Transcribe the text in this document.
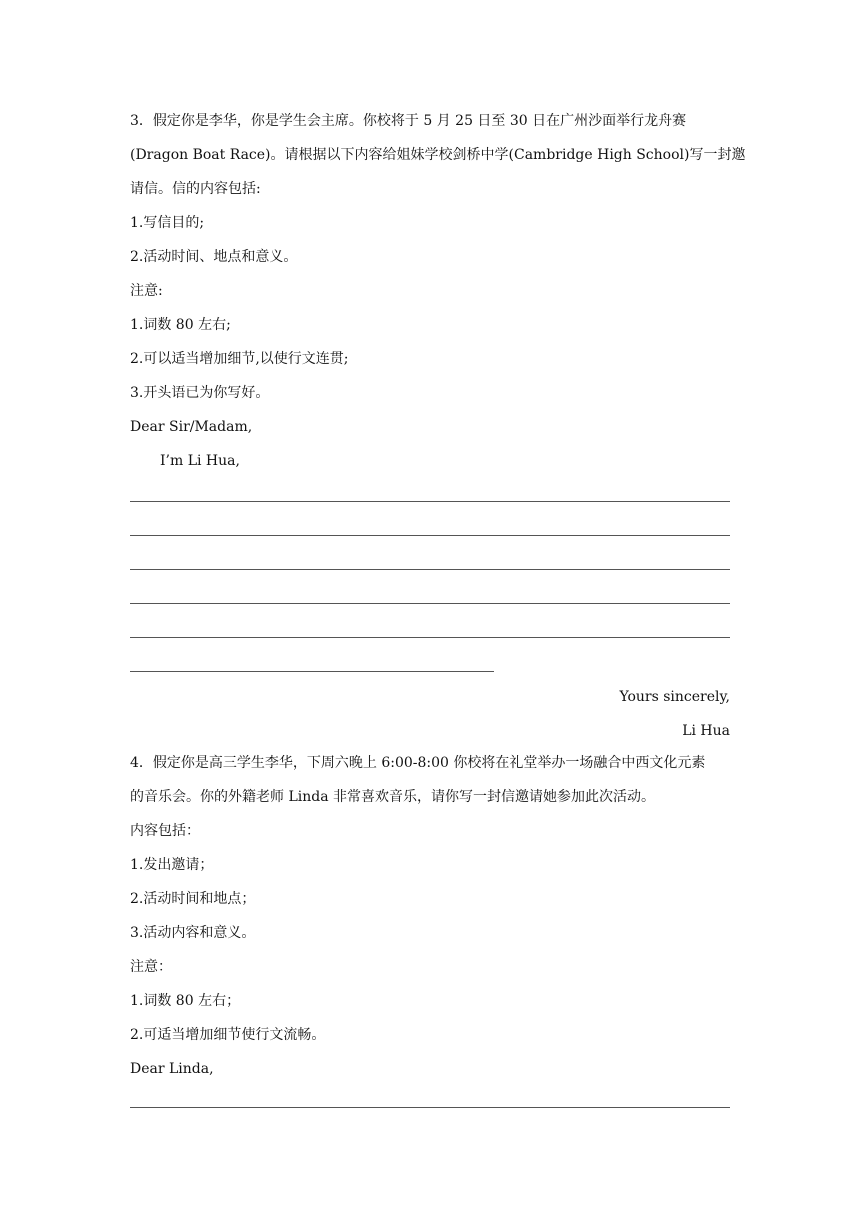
3．假定你是李华，你是学生会主席。你校将于 5 月 25 日至 30 日在广州沙面举行龙舟赛
(Dragon Boat Race)。请根据以下内容给姐妹学校剑桥中学(Cambridge High School)写一封邀
请信。信的内容包括:
1.写信目的;
2.活动时间、地点和意义。
注意:
1.词数 80 左右;
2.可以适当增加细节,以使行文连贯;
3.开头语已为你写好。
Dear Sir/Madam,
I’m Li Hua,
Yours sincerely,
Li Hua
4．假定你是高三学生李华，下周六晚上 6:00-8:00 你校将在礼堂举办一场融合中西文化元素
的音乐会。你的外籍老师 Linda 非常喜欢音乐，请你写一封信邀请她参加此次活动。
内容包括：
1.发出邀请；
2.活动时间和地点；
3.活动内容和意义。
注意：
1.词数 80 左右；
2.可适当增加细节使行文流畅。
Dear Linda,
